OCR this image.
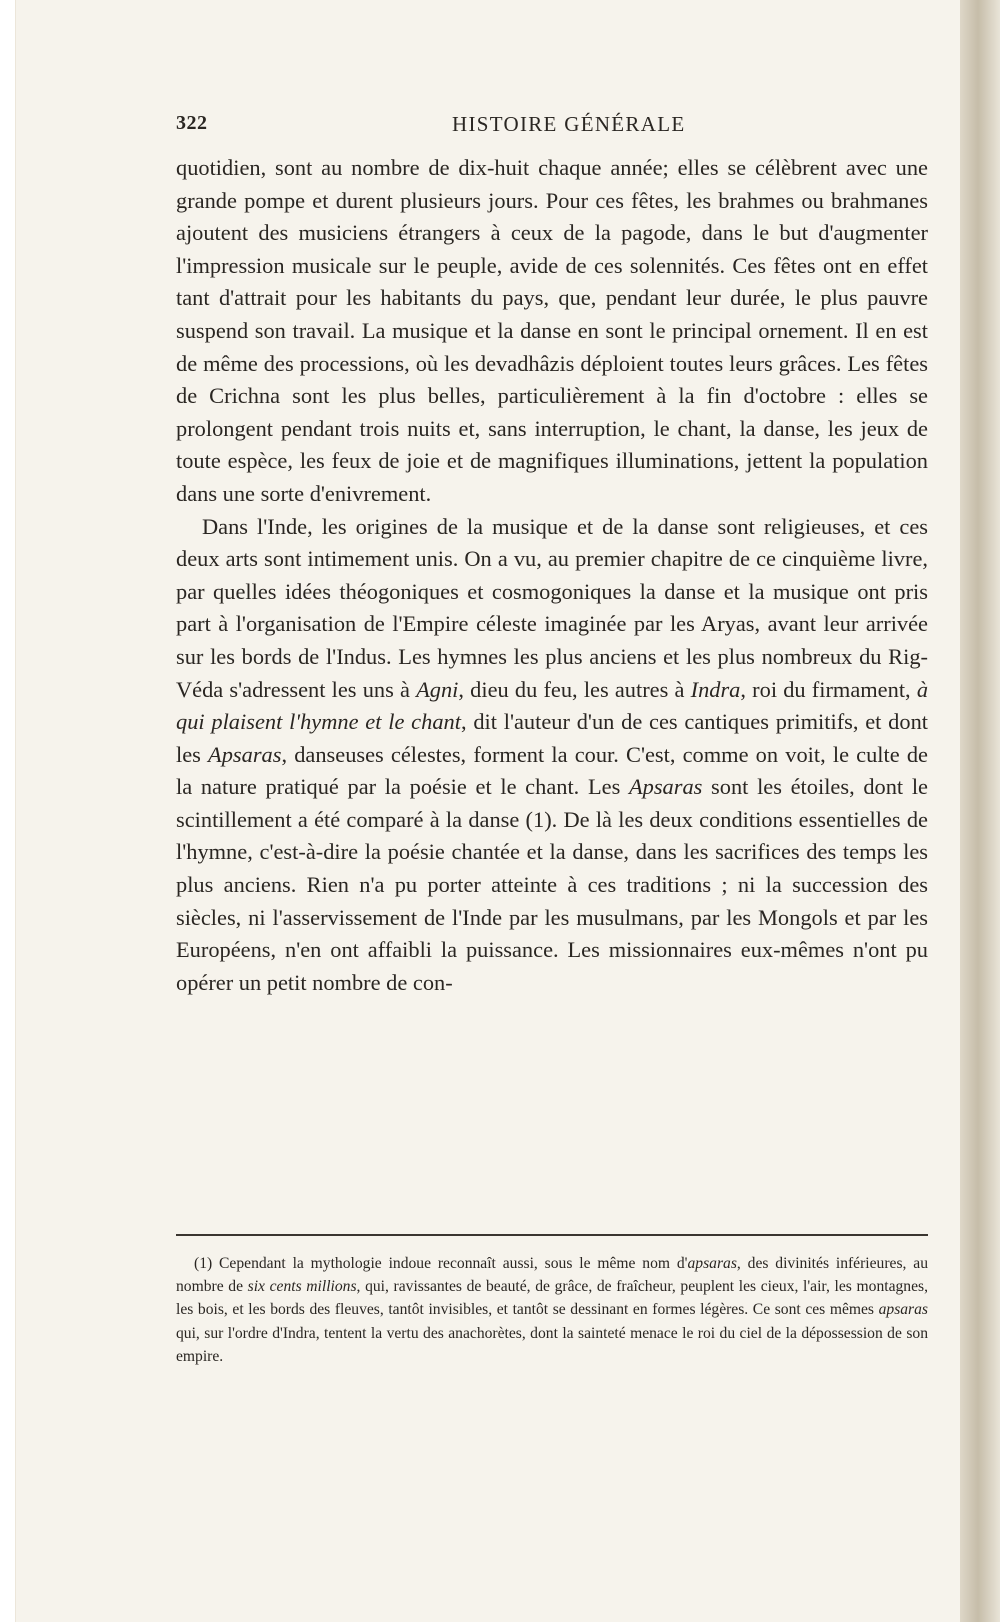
322	HISTOIRE GÉNÉRALE

quotidien, sont au nombre de dix-huit chaque année; elles se célèbrent avec une grande pompe et durent plusieurs jours. Pour ces fêtes, les brahmes ou brahmanes ajoutent des musiciens étrangers à ceux de la pagode, dans le but d'augmenter l'impression musicale sur le peuple, avide de ces solennités. Ces fêtes ont en effet tant d'attrait pour les habitants du pays, que, pendant leur durée, le plus pauvre suspend son travail. La musique et la danse en sont le principal ornement. Il en est de même des processions, où les devadhâzis déploient toutes leurs grâces. Les fêtes de Crichna sont les plus belles, particulièrement à la fin d'octobre : elles se prolongent pendant trois nuits et, sans interruption, le chant, la danse, les jeux de toute espèce, les feux de joie et de magnifiques illuminations, jettent la population dans une sorte d'enivrement.

Dans l'Inde, les origines de la musique et de la danse sont religieuses, et ces deux arts sont intimement unis. On a vu, au premier chapitre de ce cinquième livre, par quelles idées théogoniques et cosmogoniques la danse et la musique ont pris part à l'organisation de l'Empire céleste imaginée par les Aryas, avant leur arrivée sur les bords de l'Indus. Les hymnes les plus anciens et les plus nombreux du Rig-Véda s'adressent les uns à Agni, dieu du feu, les autres à Indra, roi du firmament, à qui plaisent l'hymne et le chant, dit l'auteur d'un de ces cantiques primitifs, et dont les Apsaras, danseuses célestes, forment la cour. C'est, comme on voit, le culte de la nature pratiqué par la poésie et le chant. Les Apsaras sont les étoiles, dont le scintillement a été comparé à la danse (1). De là les deux conditions essentielles de l'hymne, c'est-à-dire la poésie chantée et la danse, dans les sacrifices des temps les plus anciens. Rien n'a pu porter atteinte à ces traditions ; ni la succession des siècles, ni l'asservissement de l'Inde par les musulmans, par les Mongols et par les Européens, n'en ont affaibli la puissance. Les missionnaires eux-mêmes n'ont pu opérer un petit nombre de con-

(1) Cependant la mythologie indoue reconnaît aussi, sous le même nom d'apsaras, des divinités inférieures, au nombre de six cents millions, qui, ravissantes de beauté, de grâce, de fraîcheur, peuplent les cieux, l'air, les montagnes, les bois, et les bords des fleuves, tantôt invisibles, et tantôt se dessinant en formes légères. Ce sont ces mêmes apsaras qui, sur l'ordre d'Indra, tentent la vertu des anachorètes, dont la sainteté menace le roi du ciel de la dépossession de son empire.
